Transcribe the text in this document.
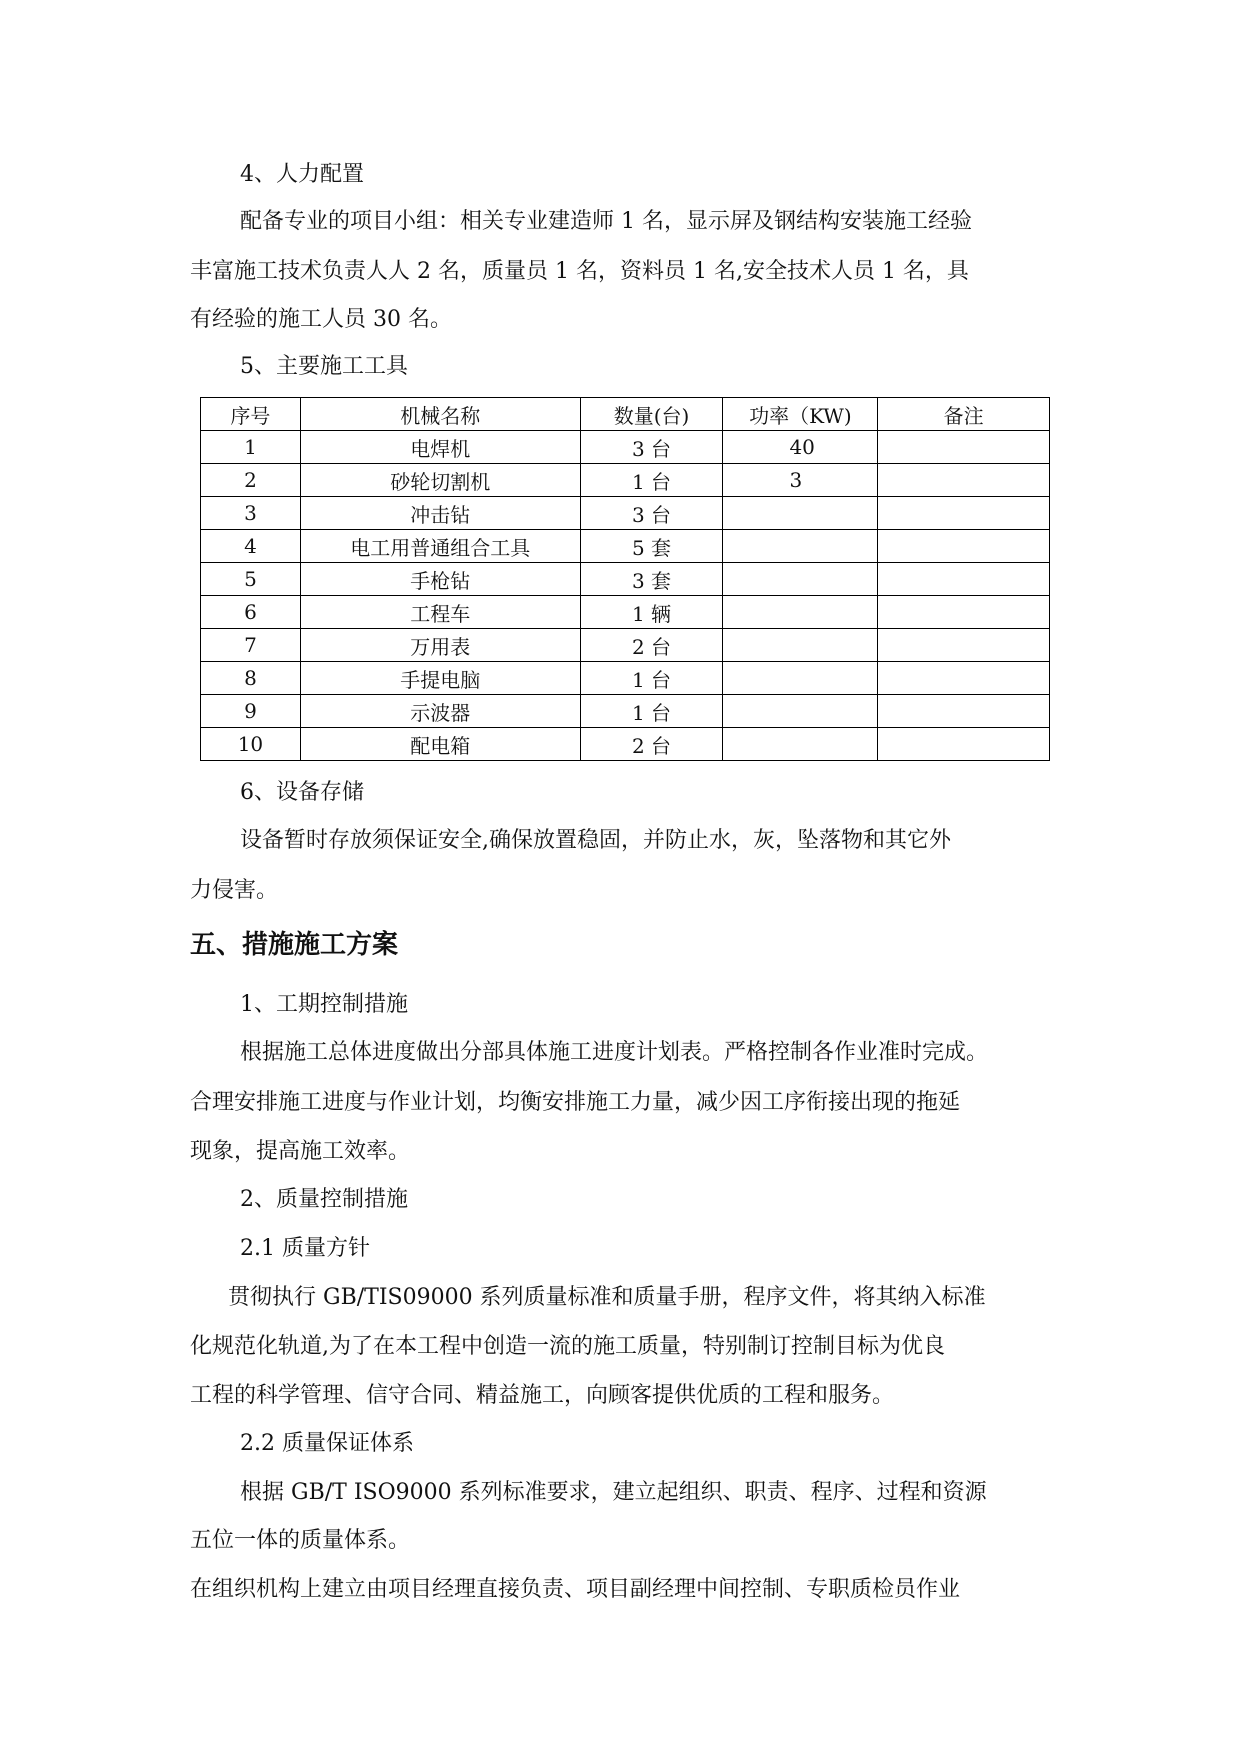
4、人力配置
配备专业的项目小组：相关专业建造师 1 名，显示屏及钢结构安装施工经验
丰富施工技术负责人人 2 名，质量员 1 名，资料员 1 名,安全技术人员 1 名，具
有经验的施工人员 30 名。
5、主要施工工具
序号	机械名称	数量(台)	功率（KW)	备注
1	电焊机	3 台	40	
2	砂轮切割机	1 台	3	
3	冲击钻	3 台		
4	电工用普通组合工具	5 套		
5	手枪钻	3 套		
6	工程车	1 辆		
7	万用表	2 台		
8	手提电脑	1 台		
9	示波器	1 台		
10	配电箱	2 台		
6、设备存储
设备暂时存放须保证安全,确保放置稳固，并防止水，灰，坠落物和其它外
力侵害。
五、措施施工方案
1、工期控制措施
根据施工总体进度做出分部具体施工进度计划表。严格控制各作业准时完成。
合理安排施工进度与作业计划，均衡安排施工力量，减少因工序衔接出现的拖延
现象，提高施工效率。
2、质量控制措施
2.1 质量方针
贯彻执行 GB/TIS09000 系列质量标准和质量手册，程序文件，将其纳入标准
化规范化轨道,为了在本工程中创造一流的施工质量，特别制订控制目标为优良
工程的科学管理、信守合同、精益施工，向顾客提供优质的工程和服务。
2.2 质量保证体系
根据 GB/T ISO9000 系列标准要求，建立起组织、职责、程序、过程和资源
五位一体的质量体系。
在组织机构上建立由项目经理直接负责、项目副经理中间控制、专职质检员作业
